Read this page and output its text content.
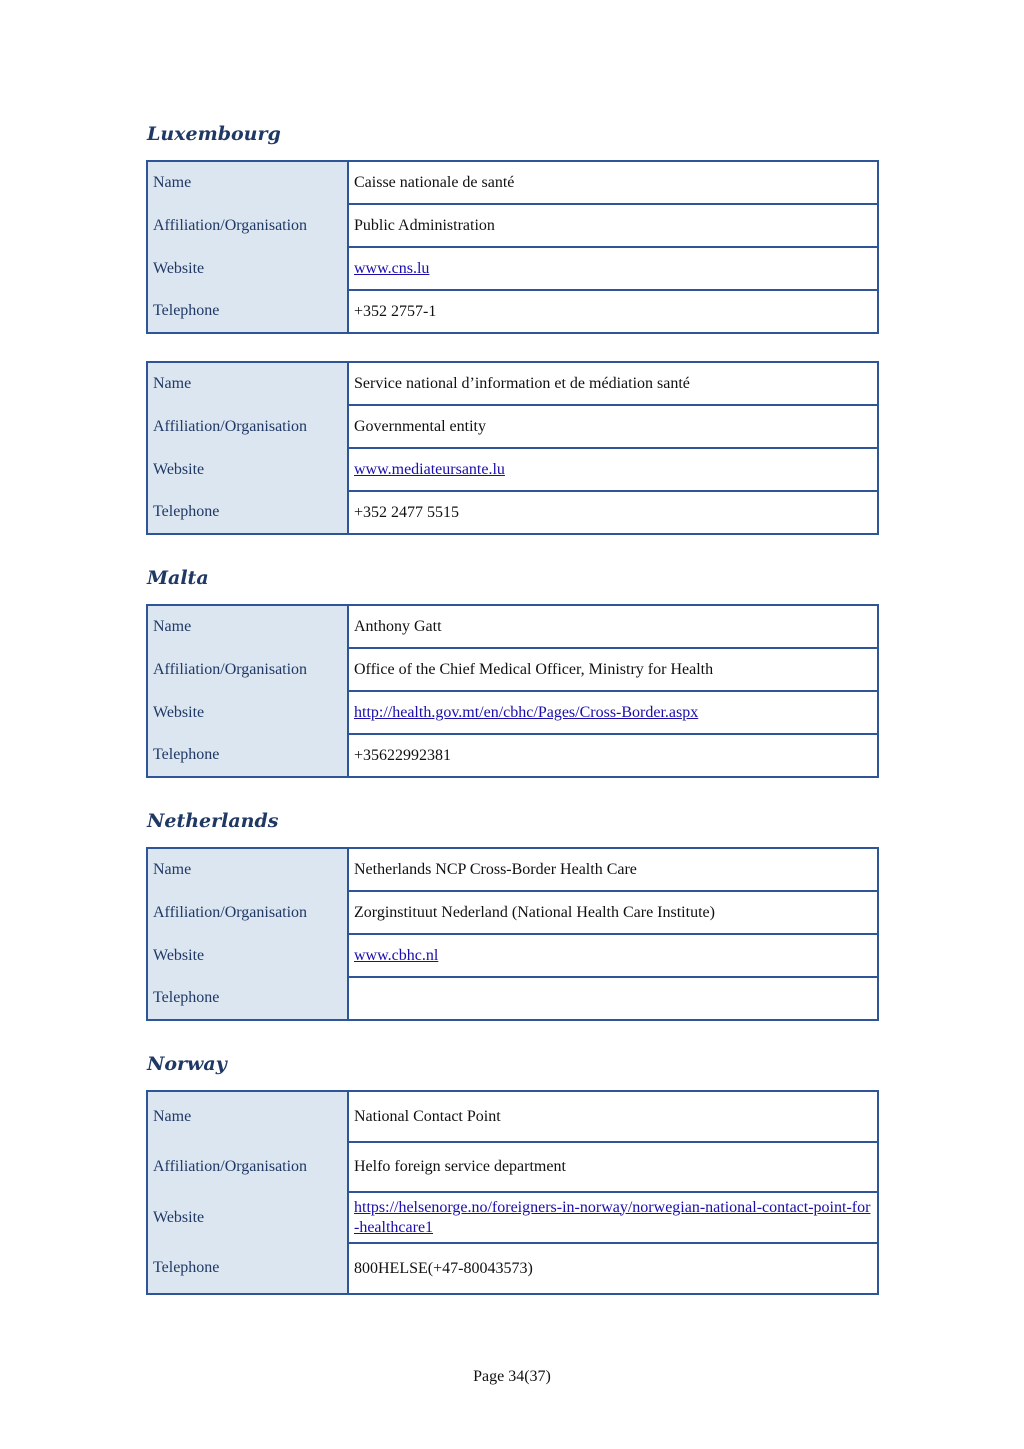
Luxembourg
Name	Caisse nationale de santé
Affiliation/Organisation	Public Administration
Website	www.cns.lu
Telephone	+352 2757-1
Name	Service national d’information et de médiation santé
Affiliation/Organisation	Governmental entity
Website	www.mediateursante.lu
Telephone	+352 2477 5515
Malta
Name	Anthony Gatt
Affiliation/Organisation	Office of the Chief Medical Officer, Ministry for Health
Website	http://health.gov.mt/en/cbhc/Pages/Cross-Border.aspx
Telephone	+35622992381
Netherlands
Name	Netherlands NCP Cross-Border Health Care
Affiliation/Organisation	Zorginstituut Nederland (National Health Care Institute)
Website	www.cbhc.nl
Telephone	
Norway
Name	National Contact Point
Affiliation/Organisation	Helfo foreign service department
Website	https://helsenorge.no/foreigners-in-norway/norwegian-national-contact-point-for-healthcare1
Telephone	800HELSE(+47-80043573)
Page 34(37)
